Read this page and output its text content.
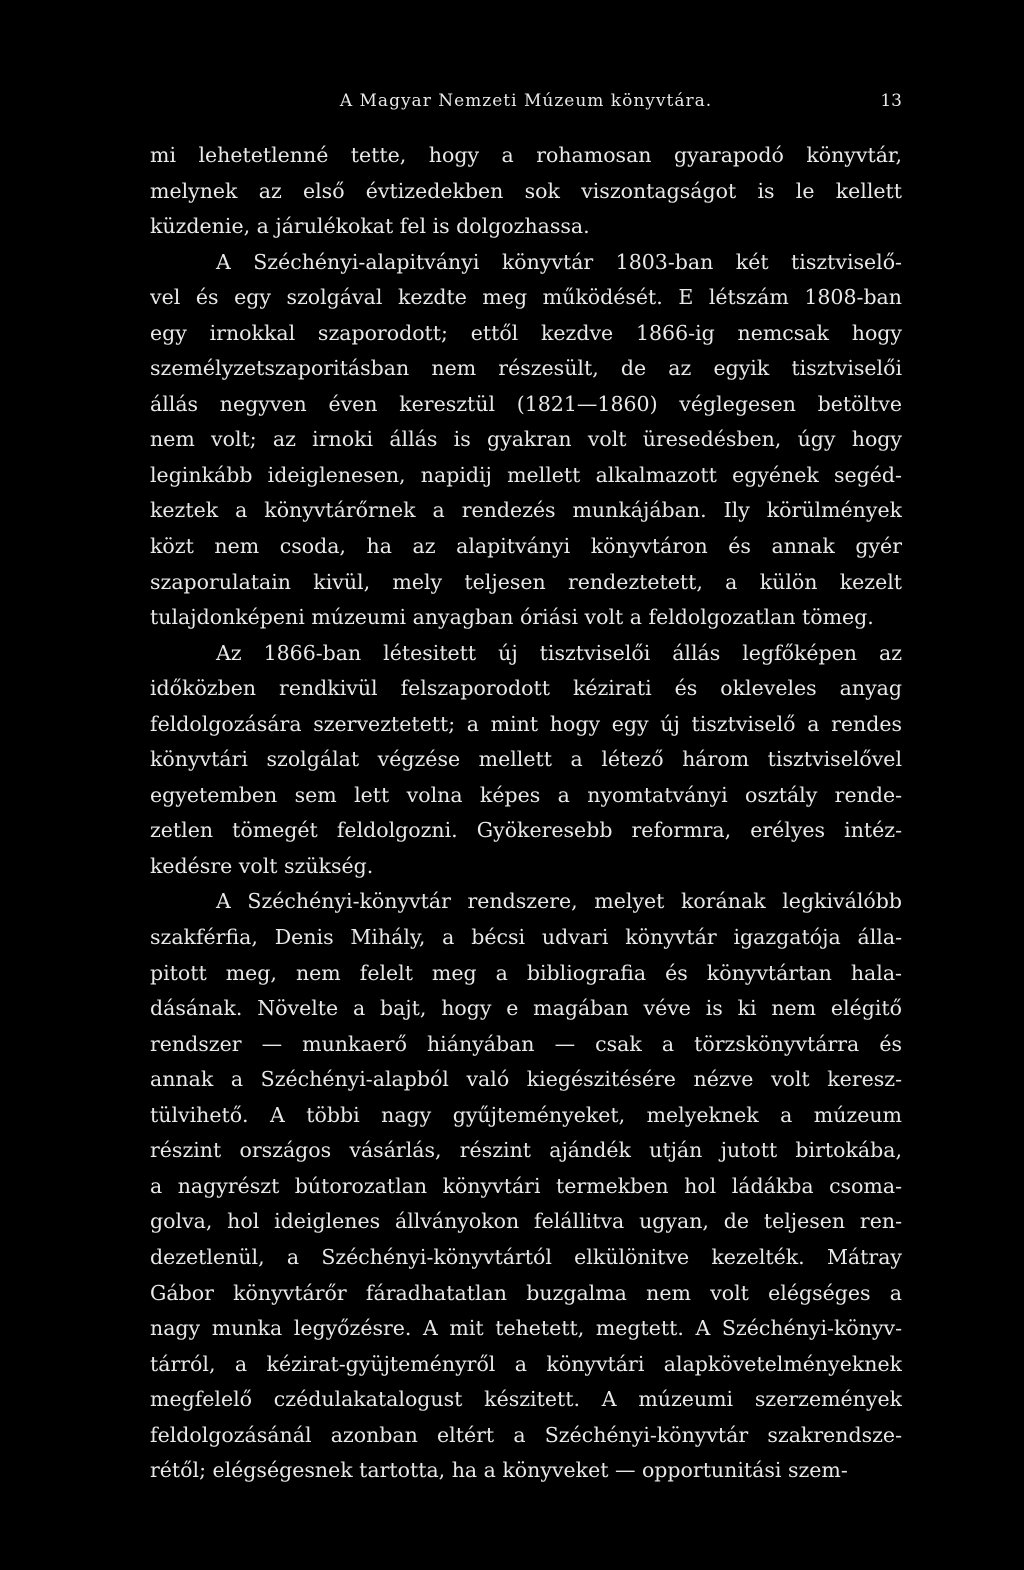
A Magyar Nemzeti Múzeum könyvtára.	13
mi lehetetlenné tette, hogy a rohamosan gyarapodó könyvtár,
melynek az első évtizedekben sok viszontagságot is le kellett
küzdenie, a járulékokat fel is dolgozhassa.
A Széchényi-alapitványi könyvtár 1803-ban két tisztviselő-
vel és egy szolgával kezdte meg működését. E létszám 1808-ban
egy irnokkal szaporodott; ettől kezdve 1866-ig nemcsak hogy
személyzetszaporitásban nem részesült, de az egyik tisztviselői
állás negyven éven keresztül (1821—1860) véglegesen betöltve
nem volt; az irnoki állás is gyakran volt üresedésben, úgy hogy
leginkább ideiglenesen, napidij mellett alkalmazott egyének segéd-
keztek a könyvtárőrnek a rendezés munkájában. Ily körülmények
közt nem csoda, ha az alapitványi könyvtáron és annak gyér
szaporulatain kivül, mely teljesen rendeztetett, a külön kezelt
tulajdonképeni múzeumi anyagban óriási volt a feldolgozatlan tömeg.
Az 1866-ban létesitett új tisztviselői állás legfőképen az
időközben rendkivül felszaporodott kézirati és okleveles anyag
feldolgozására szerveztetett; a mint hogy egy új tisztviselő a rendes
könyvtári szolgálat végzése mellett a létező három tisztviselővel
egyetemben sem lett volna képes a nyomtatványi osztály rende-
zetlen tömegét feldolgozni. Gyökeresebb reformra, erélyes intéz-
kedésre volt szükség.
A Széchényi-könyvtár rendszere, melyet korának legkiválóbb
szakférfia, Denis Mihály, a bécsi udvari könyvtár igazgatója álla-
pitott meg, nem felelt meg a bibliografia és könyvtártan hala-
dásának. Növelte a bajt, hogy e magában véve is ki nem elégitő
rendszer — munkaerő hiányában — csak a törzskönyvtárra és
annak a Széchényi-alapból való kiegészitésére nézve volt keresz-
tülvihető. A többi nagy gyűjteményeket, melyeknek a múzeum
részint országos vásárlás, részint ajándék utján jutott birtokába,
a nagyrészt bútorozatlan könyvtári termekben hol ládákba csoma-
golva, hol ideiglenes állványokon felállitva ugyan, de teljesen ren-
dezetlenül, a Széchényi-könyvtártól elkülönitve kezelték. Mátray
Gábor könyvtárőr fáradhatatlan buzgalma nem volt elégséges a
nagy munka legyőzésre. A mit tehetett, megtett. A Széchényi-könyv-
tárról, a kézirat-gyüjteményről a könyvtári alapkövetelményeknek
megfelelő czédulakatalogust készitett. A múzeumi szerzemények
feldolgozásánál azonban eltért a Széchényi-könyvtár szakrendsze-
rétől; elégségesnek tartotta, ha a könyveket — opportunitási szem-
